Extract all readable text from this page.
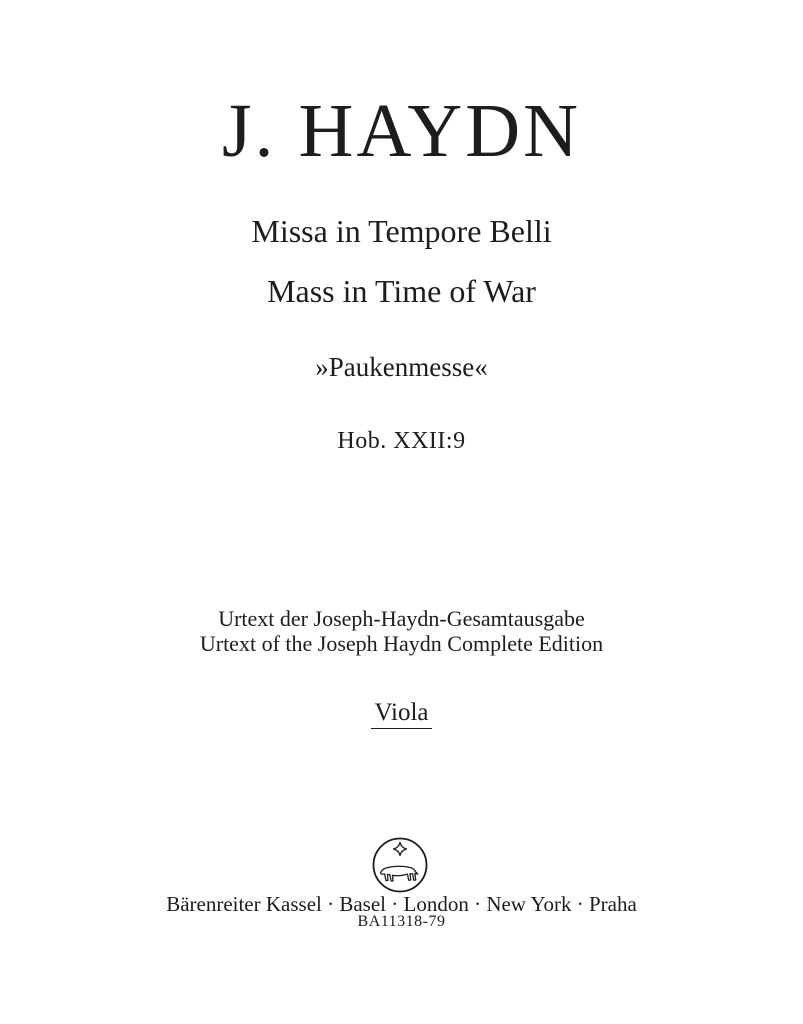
J. HAYDN
Missa in Tempore Belli
Mass in Time of War
»Paukenmesse«
Hob. XXII:9
Urtext der Joseph-Haydn-Gesamtausgabe
Urtext of the Joseph Haydn Complete Edition
Viola
Bärenreiter Kassel · Basel · London · New York · Praha
BA11318-79
